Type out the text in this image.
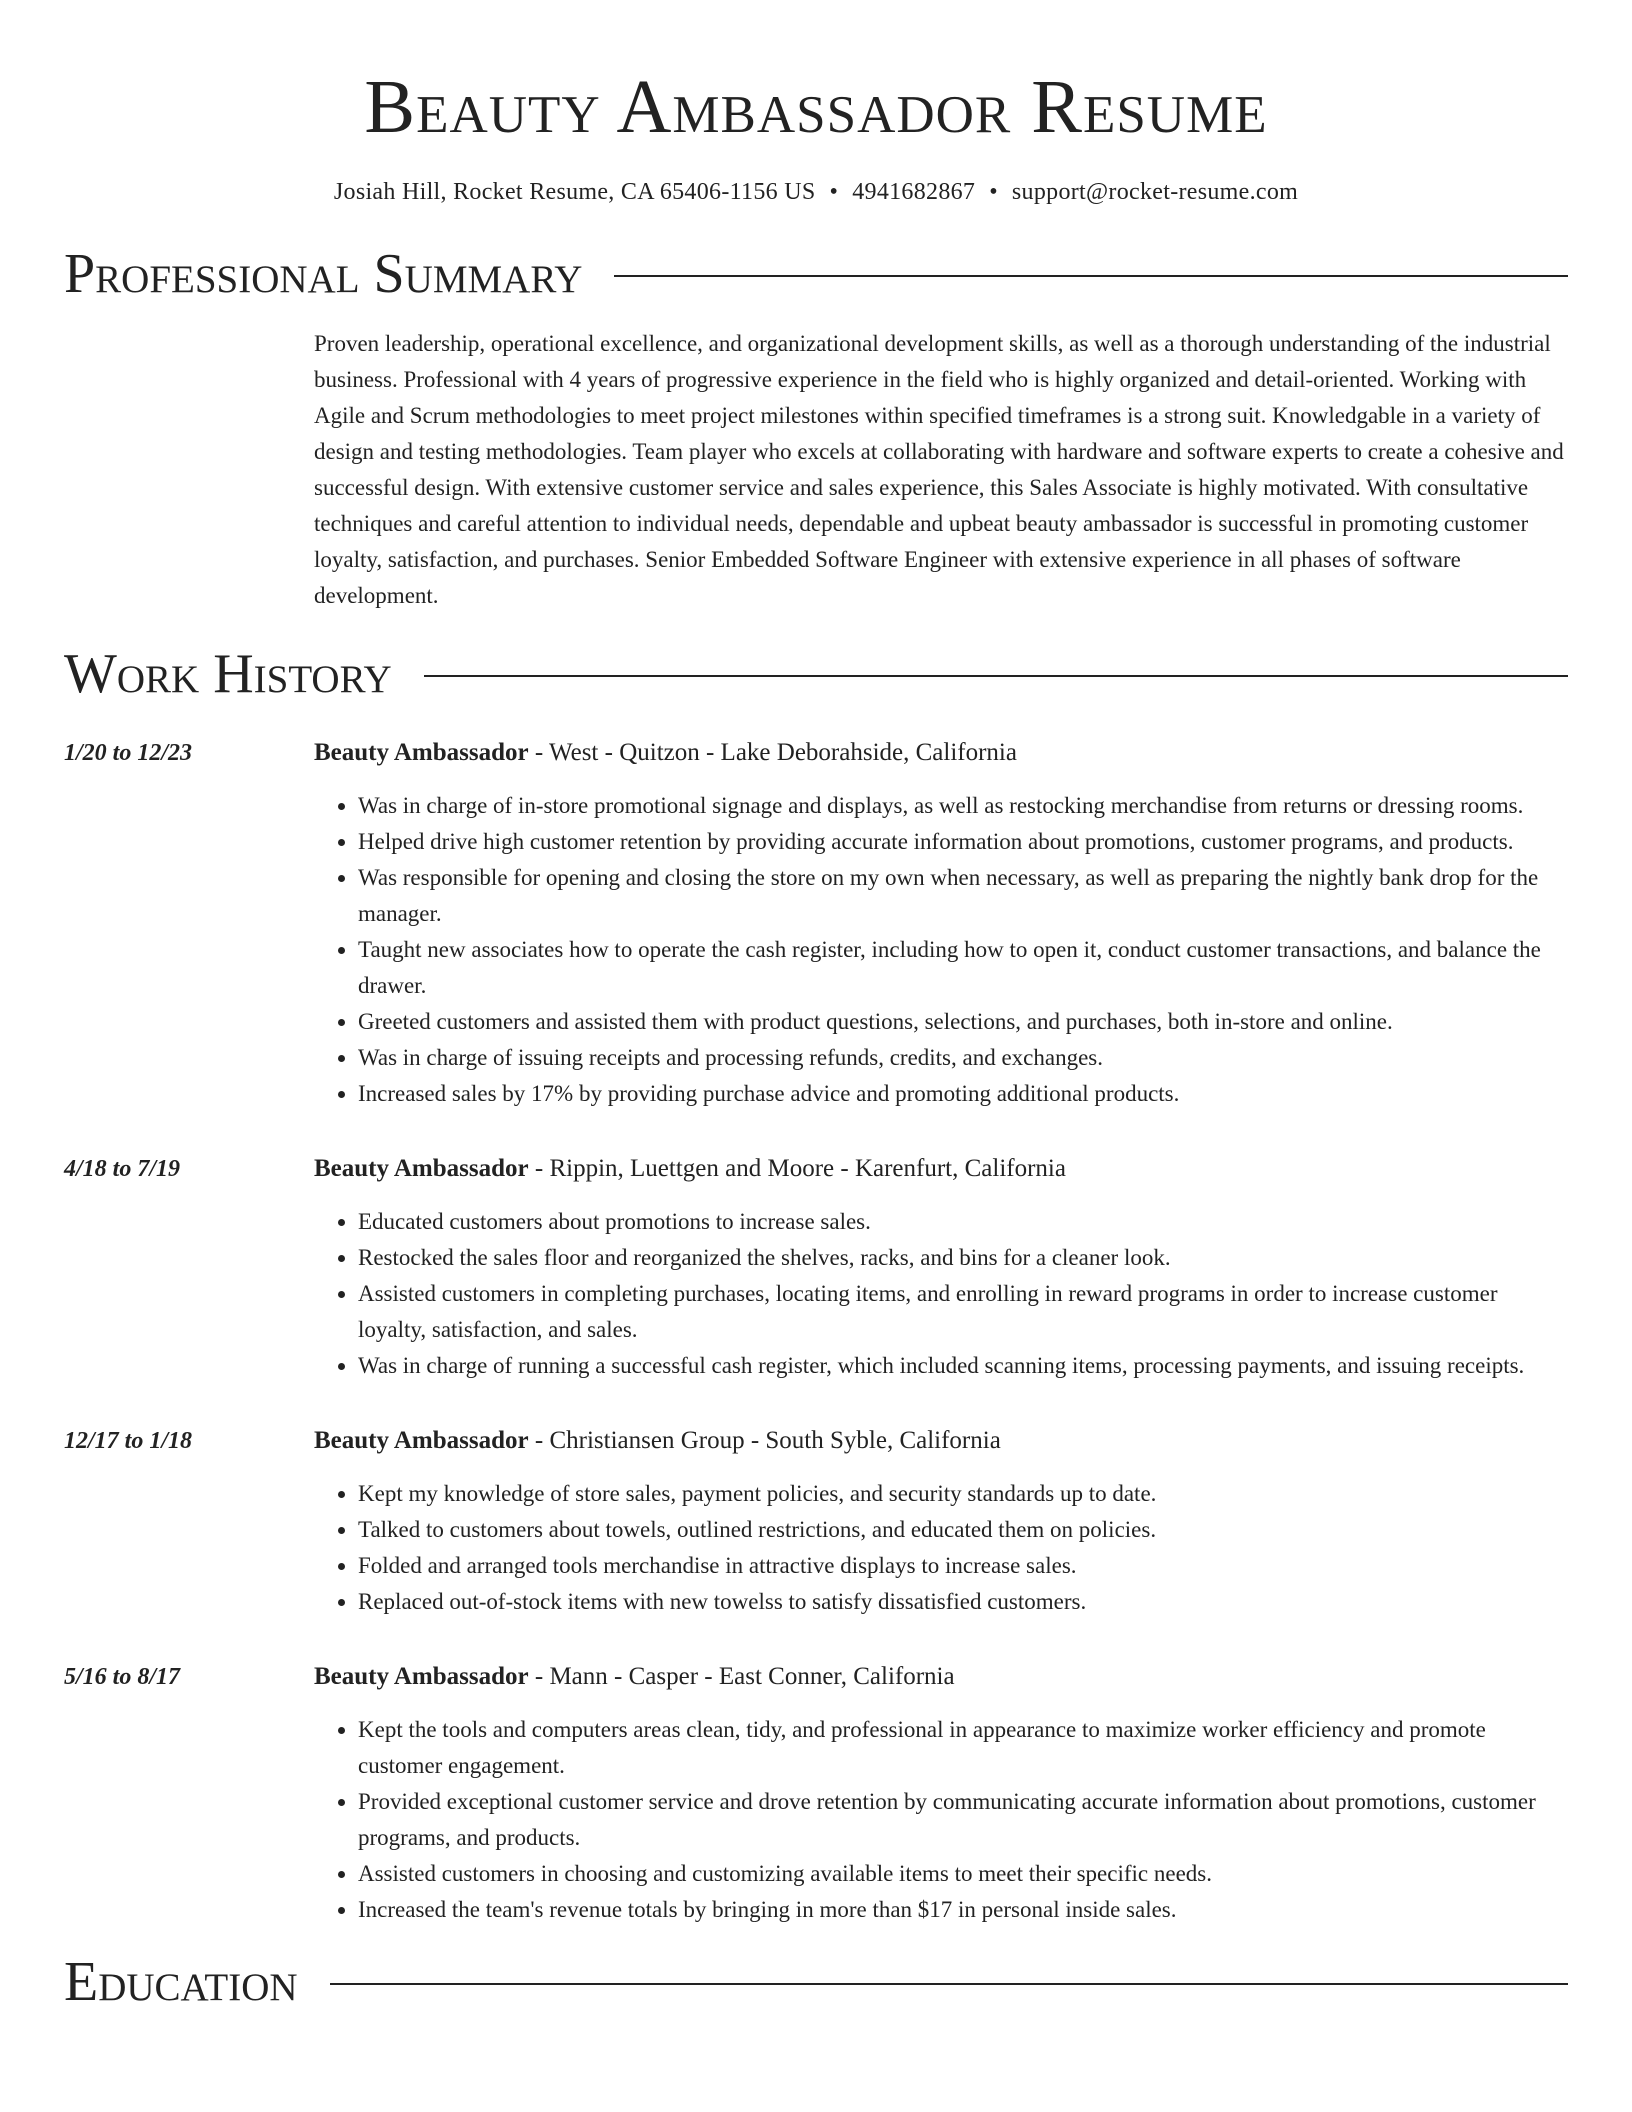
Beauty Ambassador Resume
Josiah Hill, Rocket Resume, CA 65406-1156 US • 4941682867 • support@rocket-resume.com
Professional Summary
Proven leadership, operational excellence, and organizational development skills, as well as a thorough understanding of the industrial business. Professional with 4 years of progressive experience in the field who is highly organized and detail-oriented. Working with Agile and Scrum methodologies to meet project milestones within specified timeframes is a strong suit. Knowledgable in a variety of design and testing methodologies. Team player who excels at collaborating with hardware and software experts to create a cohesive and successful design. With extensive customer service and sales experience, this Sales Associate is highly motivated. With consultative techniques and careful attention to individual needs, dependable and upbeat beauty ambassador is successful in promoting customer loyalty, satisfaction, and purchases. Senior Embedded Software Engineer with extensive experience in all phases of software development.
Work History
1/20 to 12/23	Beauty Ambassador - West - Quitzon - Lake Deborahside, California
• Was in charge of in-store promotional signage and displays, as well as restocking merchandise from returns or dressing rooms.
• Helped drive high customer retention by providing accurate information about promotions, customer programs, and products.
• Was responsible for opening and closing the store on my own when necessary, as well as preparing the nightly bank drop for the manager.
• Taught new associates how to operate the cash register, including how to open it, conduct customer transactions, and balance the drawer.
• Greeted customers and assisted them with product questions, selections, and purchases, both in-store and online.
• Was in charge of issuing receipts and processing refunds, credits, and exchanges.
• Increased sales by 17% by providing purchase advice and promoting additional products.
4/18 to 7/19	Beauty Ambassador - Rippin, Luettgen and Moore - Karenfurt, California
• Educated customers about promotions to increase sales.
• Restocked the sales floor and reorganized the shelves, racks, and bins for a cleaner look.
• Assisted customers in completing purchases, locating items, and enrolling in reward programs in order to increase customer loyalty, satisfaction, and sales.
• Was in charge of running a successful cash register, which included scanning items, processing payments, and issuing receipts.
12/17 to 1/18	Beauty Ambassador - Christiansen Group - South Syble, California
• Kept my knowledge of store sales, payment policies, and security standards up to date.
• Talked to customers about towels, outlined restrictions, and educated them on policies.
• Folded and arranged tools merchandise in attractive displays to increase sales.
• Replaced out-of-stock items with new towelss to satisfy dissatisfied customers.
5/16 to 8/17	Beauty Ambassador - Mann - Casper - East Conner, California
• Kept the tools and computers areas clean, tidy, and professional in appearance to maximize worker efficiency and promote customer engagement.
• Provided exceptional customer service and drove retention by communicating accurate information about promotions, customer programs, and products.
• Assisted customers in choosing and customizing available items to meet their specific needs.
• Increased the team's revenue totals by bringing in more than $17 in personal inside sales.
Education
